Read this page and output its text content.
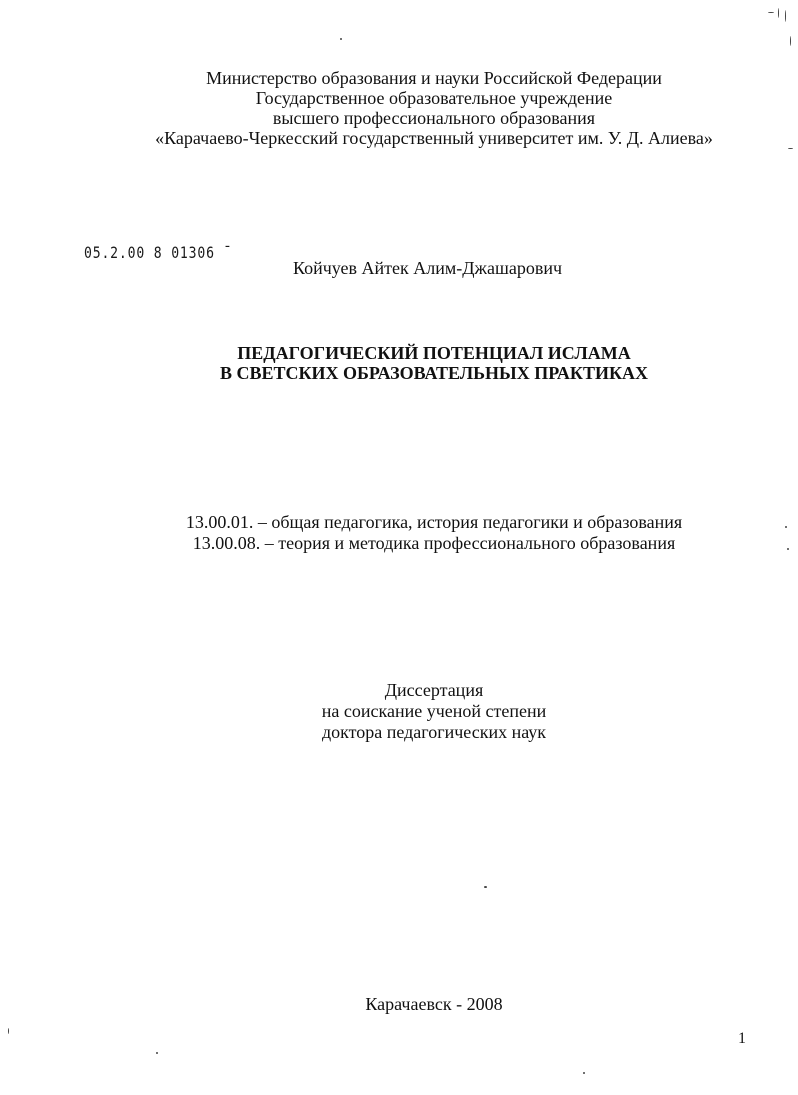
Министерство образования и науки Российской Федерации
Государственное образовательное учреждение
высшего профессионального образования
«Карачаево-Черкесский государственный университет им. У. Д. Алиева»
05.2.00 8 01306 ˉ
Койчуев Айтек Алим-Джашарович
ПЕДАГОГИЧЕСКИЙ ПОТЕНЦИАЛ ИСЛАМА
В СВЕТСКИХ ОБРАЗОВАТЕЛЬНЫХ ПРАКТИКАХ
13.00.01. – общая педагогика, история педагогики и образования
13.00.08. – теория и методика профессионального образования
Диссертация
на соискание ученой степени
доктора педагогических наук
Карачаевск - 2008
1
